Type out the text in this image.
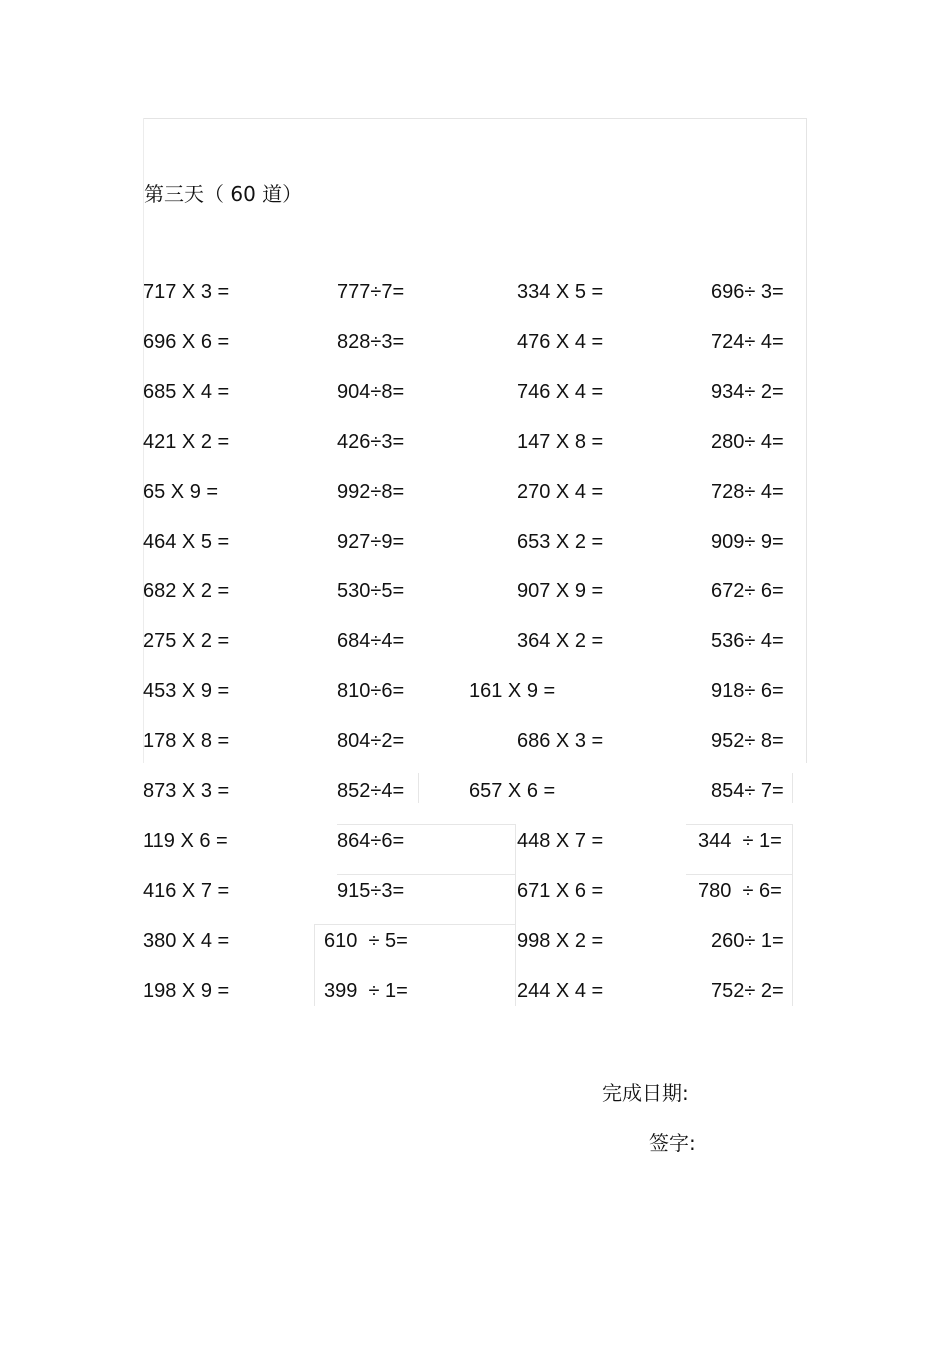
第三天（ 60 道）
717 X 3 =	777÷7=	334 X 5 =	696÷ 3=
696 X 6 =	828÷3=	476 X 4 =	724÷ 4=
685 X 4 =	904÷8=	746 X 4 =	934÷ 2=
421 X 2 =	426÷3=	147 X 8 =	280÷ 4=
65 X 9 =	992÷8=	270 X 4 =	728÷ 4=
464 X 5 =	927÷9=	653 X 2 =	909÷ 9=
682 X 2 =	530÷5=	907 X 9 =	672÷ 6=
275 X 2 =	684÷4=	364 X 2 =	536÷ 4=
453 X 9 =	810÷6=	161 X 9 =	918÷ 6=
178 X 8 =	804÷2=	686 X 3 =	952÷ 8=
873 X 3 =	852÷4=	657 X 6 =	854÷ 7=
119 X 6 =	864÷6=	448 X 7 =	344  ÷ 1=
416 X 7 =	915÷3=	671 X 6 =	780  ÷ 6=
380 X 4 =	610  ÷ 5=	998 X 2 =	260÷ 1=
198 X 9 =	399  ÷ 1=	244 X 4 =	752÷ 2=
完成日期:
签字:
